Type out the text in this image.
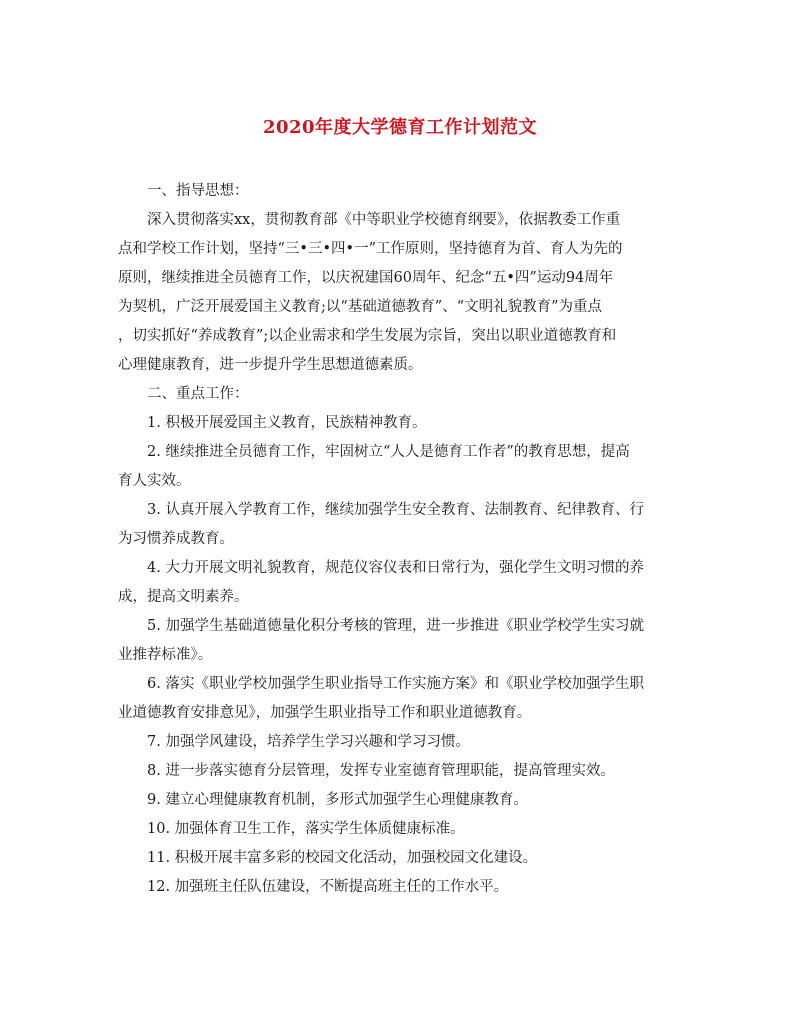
2020年度大学德育工作计划范文
一、指导思想：
深入贯彻落实xx，贯彻教育部《中等职业学校德育纲要》，依据教委工作重
点和学校工作计划，坚持“三•三•四•一”工作原则，坚持德育为首、育人为先的
原则，继续推进全员德育工作，以庆祝建国60周年、纪念“五•四”运动94周年
为契机，广泛开展爱国主义教育;以“基础道德教育”、“文明礼貌教育”为重点
，切实抓好“养成教育”;以企业需求和学生发展为宗旨，突出以职业道德教育和
心理健康教育，进一步提升学生思想道德素质。
二、重点工作：
1. 积极开展爱国主义教育，民族精神教育。
2. 继续推进全员德育工作，牢固树立“人人是德育工作者”的教育思想，提高
育人实效。
3. 认真开展入学教育工作，继续加强学生安全教育、法制教育、纪律教育、行
为习惯养成教育。
4. 大力开展文明礼貌教育，规范仪容仪表和日常行为，强化学生文明习惯的养
成，提高文明素养。
5. 加强学生基础道德量化积分考核的管理，进一步推进《职业学校学生实习就
业推荐标准》。
6. 落实《职业学校加强学生职业指导工作实施方案》和《职业学校加强学生职
业道德教育安排意见》，加强学生职业指导工作和职业道德教育。
7. 加强学风建设，培养学生学习兴趣和学习习惯。
8. 进一步落实德育分层管理，发挥专业室德育管理职能，提高管理实效。
9. 建立心理健康教育机制，多形式加强学生心理健康教育。
10. 加强体育卫生工作，落实学生体质健康标准。
11. 积极开展丰富多彩的校园文化活动，加强校园文化建设。
12. 加强班主任队伍建设，不断提高班主任的工作水平。
